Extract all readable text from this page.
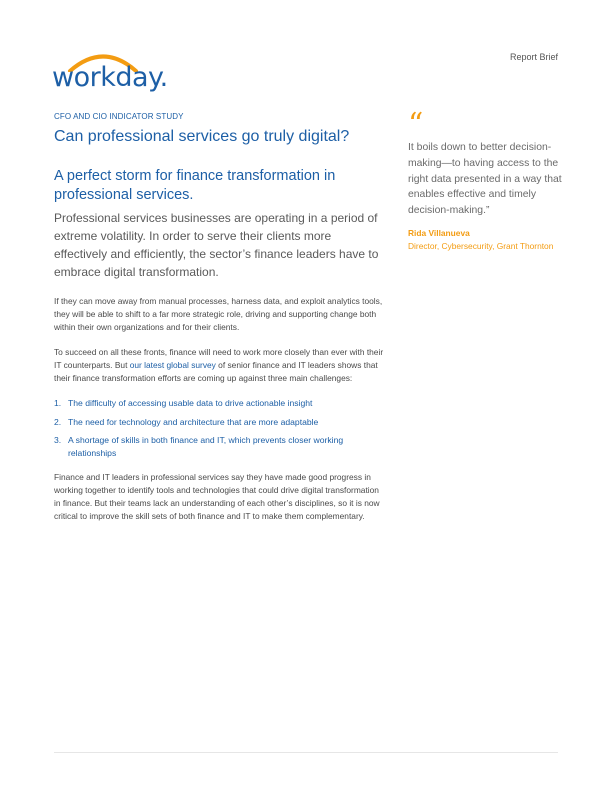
workday.
Report Brief
CFO AND CIO INDICATOR STUDY
Can professional services go truly digital?
A perfect storm for finance transformation in professional services.

Professional services businesses are operating in a period of extreme volatility. In order to serve their clients more effectively and efficiently, the sector’s finance leaders have to embrace digital transformation.

If they can move away from manual processes, harness data, and exploit analytics tools, they will be able to shift to a far more strategic role, driving and supporting change both within their own organizations and for their clients.

To succeed on all these fronts, finance will need to work more closely than ever with their IT counterparts. But our latest global survey of senior finance and IT leaders shows that their finance transformation efforts are coming up against three main challenges:

1. The difficulty of accessing usable data to drive actionable insight
2. The need for technology and architecture that are more adaptable
3. A shortage of skills in both finance and IT, which prevents closer working relationships

Finance and IT leaders in professional services say they have made good progress in working together to identify tools and technologies that could drive digital transformation in finance. But their teams lack an understanding of each other’s disciplines, so it is now critical to improve the skill sets of both finance and IT to make them complementary.

“
It boils down to better decision-making—to having access to the right data presented in a way that enables effective and timely decision-making.”
Rida Villanueva
Director, Cybersecurity, Grant Thornton
